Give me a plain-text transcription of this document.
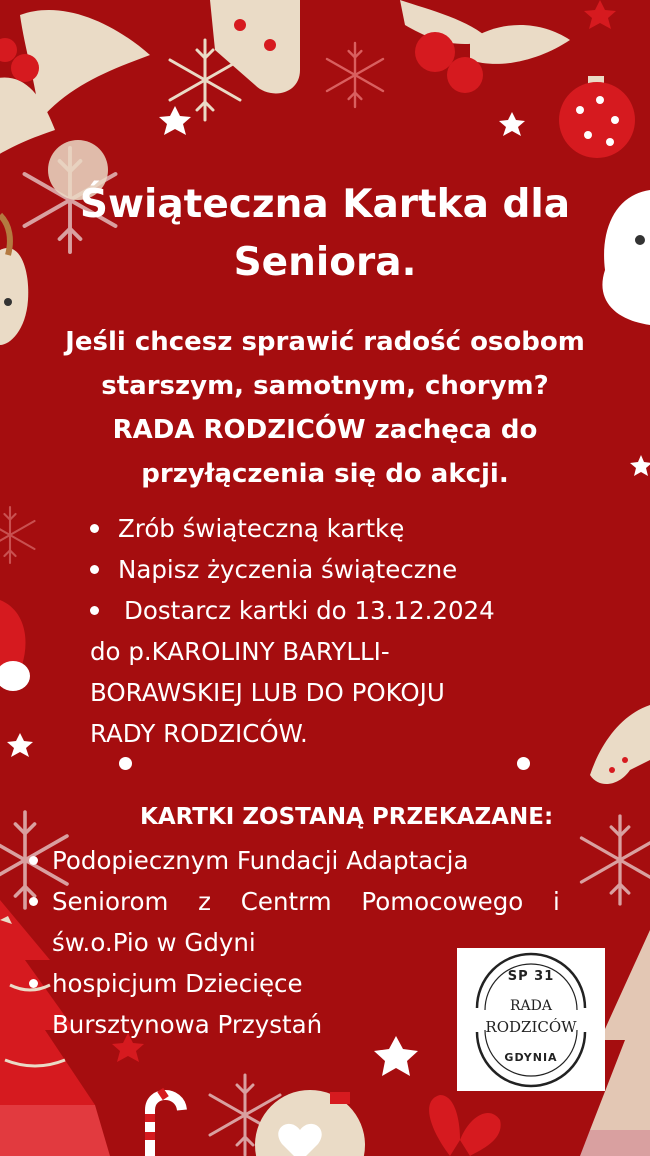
Świąteczna Kartka dla
Seniora.
Jeśli chcesz sprawić radość osobom
starszym, samotnym, chorym?
RADA RODZICÓW zachęca do
przyłączenia się do akcji.
Zrób świąteczną kartkę
Napisz życzenia świąteczne
Dostarcz kartki do 13.12.2024
do p.KAROLINY BARYLLI-
BORAWSKIEJ LUB DO POKOJU
RADY RODZICÓW.
KARTKI ZOSTANĄ PRZEKAZANE:
Podopiecznym Fundacji Adaptacja
Seniorom z Centrm Pomocowego i
św.o.Pio w Gdyni
hospicjum Dziecięce
Bursztynowa Przystań
SP 31
RADA
RODZICÓW
GDYNIA
